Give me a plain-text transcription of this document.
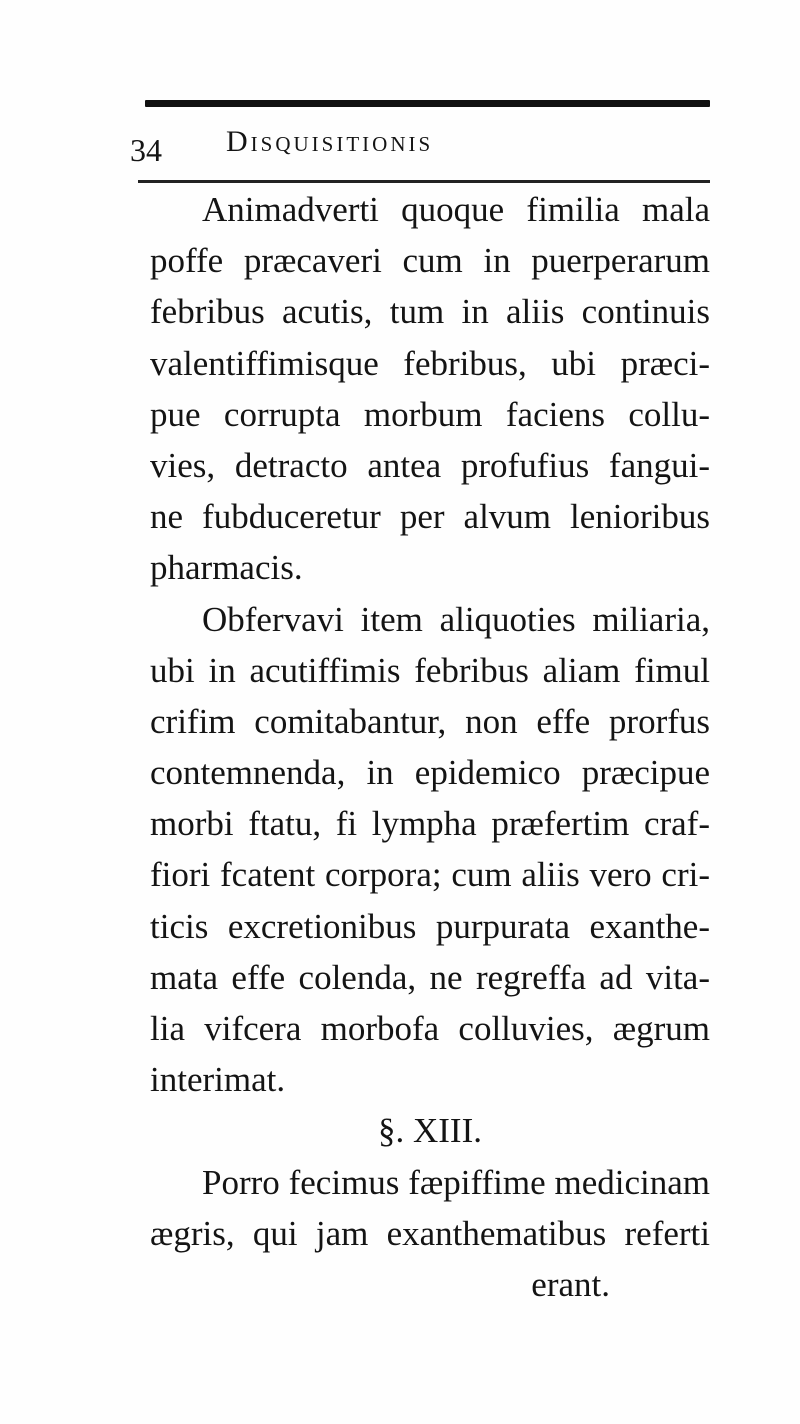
34 Disquisitionis
Animadverti quoque fimilia mala
poffe præcaveri cum in puerperarum
febribus acutis, tum in aliis continuis
valentiffimisque febribus, ubi præci-
pue corrupta morbum faciens collu-
vies, detracto antea profufius fangui-
ne fubduceretur per alvum lenioribus
pharmacis.
Obfervavi item aliquoties miliaria,
ubi in acutiffimis febribus aliam fimul
crifim comitabantur, non effe prorfus
contemnenda, in epidemico præcipue
morbi ftatu, fi lympha præfertim craf-
fiori fcatent corpora; cum aliis vero cri-
ticis excretionibus purpurata exanthe-
mata effe colenda, ne regreffa ad vita-
lia vifcera morbofa colluvies, ægrum
interimat.
§. XIII.
Porro fecimus fæpiffime medicinam
ægris, qui jam exanthematibus referti
erant.
